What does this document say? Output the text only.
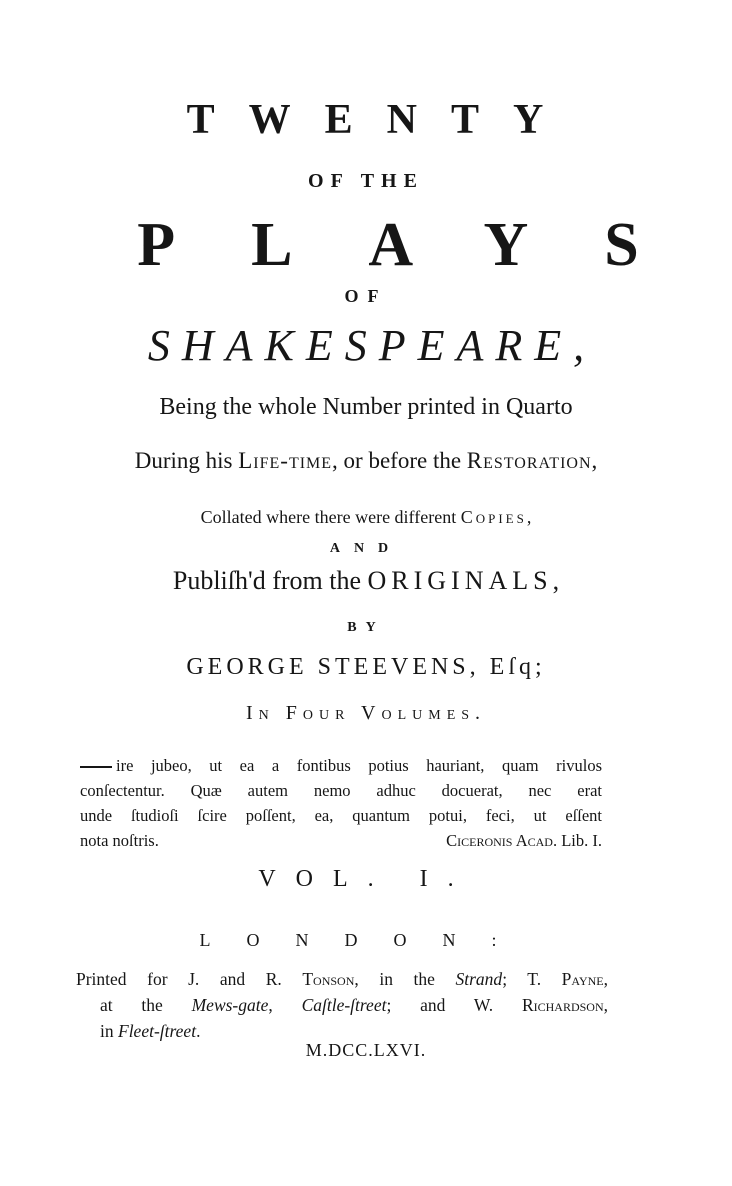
TWENTY
OF THE
PLAYS
OF
SHAKESPEARE,
Being the whole Number printed in Quarto
During his Life-time, or before the Restoration,
Collated where there were different Copies,
AND
Publiſh'd from the ORIGINALS,
BY
GEORGE STEEVENS, Eſq;
In Four Volumes.
ire jubeo, ut ea a fontibus potius hauriant, quam rivulos
conſectentur. Quæ autem nemo adhuc docuerat, nec erat
unde ſtudioſi ſcire poſſent, ea, quantum potui, feci, ut eſſent
nota noſtris.	Ciceronis Acad. Lib. I.
VOL. I.
LONDON:
Printed for J. and R. Tonson, in the Strand; T. Payne,
at the Mews-gate, Caſtle-ſtreet; and W. Richardson,
in Fleet-ſtreet.
M.DCC.LXVI.
